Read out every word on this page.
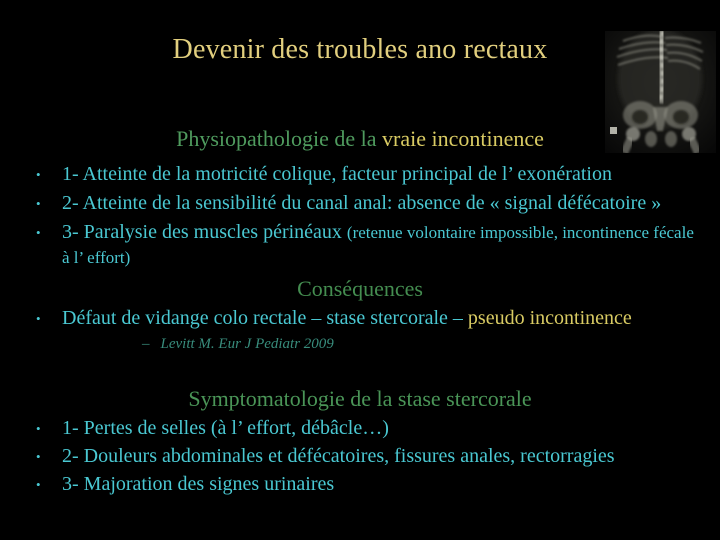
Devenir des troubles ano rectaux
Physiopathologie de la vraie incontinence
•	1- Atteinte de la motricité colique, facteur principal de l’ exonération
•	2- Atteinte de la sensibilité du canal anal: absence de « signal défécatoire »
•	3- Paralysie des muscles périnéaux (retenue volontaire impossible, incontinence fécale à l’ effort)
Conséquences
•	Défaut de vidange colo rectale – stase stercorale – pseudo incontinence
– Levitt M. Eur J Pediatr 2009
Symptomatologie de la stase stercorale
•	1- Pertes de selles (à l’ effort, débâcle…)
•	2- Douleurs abdominales et défécatoires, fissures anales, rectorragies
•	3- Majoration des signes urinaires
